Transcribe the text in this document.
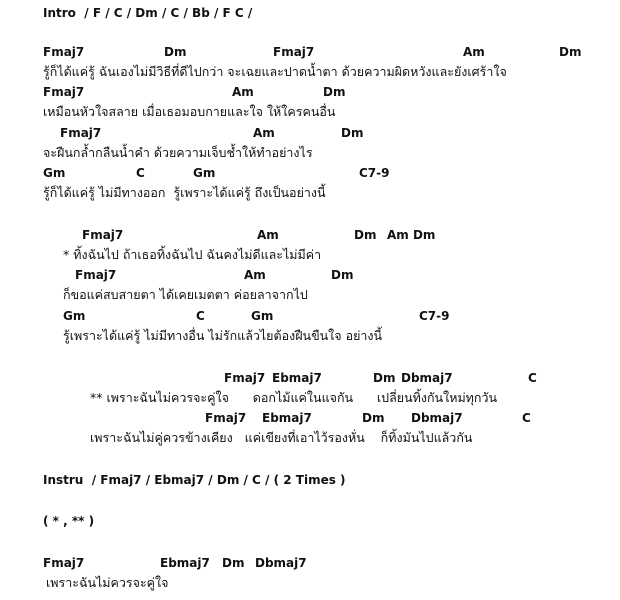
Intro  / F / C / Dm / C / Bb / F C /
Fmaj7	Dm	Fmaj7	Am	Dm
รู้ก็ได้แค่รู้ ฉันเองไม่มีวิธีที่ดีไปกว่า จะเฉยและปาดน้ำตา ด้วยความผิดหวังและยังเศร้าใจ
Fmaj7	Am	Dm
เหมือนหัวใจสลาย เมื่อเธอมอบกายและใจ ให้ใครคนอื่น
Fmaj7	Am	Dm
จะฝืนกล้ำกลืนน้ำคำ ด้วยความเจ็บช้ำให้ทำอย่างไร
Gm	C	Gm	C7-9
รู้ก็ได้แค่รู้ ไม่มีทางออก  รู้เพราะได้แค่รู้ ถึงเป็นอย่างนี้
Fmaj7	Am	Dm Am Dm
* ทิ้งฉันไป ถ้าเธอทิ้งฉันไป ฉันคงไม่ดีและไม่มีค่า
Fmaj7	Am	Dm
ก็ขอแค่สบสายตา ได้เคยเมตตา ค่อยลาจากไป
Gm	C	Gm	C7-9
รู้เพราะได้แค่รู้ ไม่มีทางอื่น ไม่รักแล้วไยต้องฝืนขืนใจ อย่างนี้
Fmaj7 Ebmaj7	Dm Dbmaj7	C
** เพราะฉันไม่ควรจะคู่ใจ      ดอกไม้แค่ในแจกัน      เปลี่ยนทิ้งกันใหม่ทุกวัน
Fmaj7 Ebmaj7	Dm Dbmaj7	C
เพราะฉันไม่คู่ควรข้างเคียง   แค่เขียงที่เอาไว้รองหั่น    ก็ทิ้งมันไปแล้วกัน
Instru  / Fmaj7 / Ebmaj7 / Dm / C / ( 2 Times )
( * , ** )
Fmaj7	Ebmaj7 Dm Dbmaj7
เพราะฉันไม่ควรจะคู่ใจ
